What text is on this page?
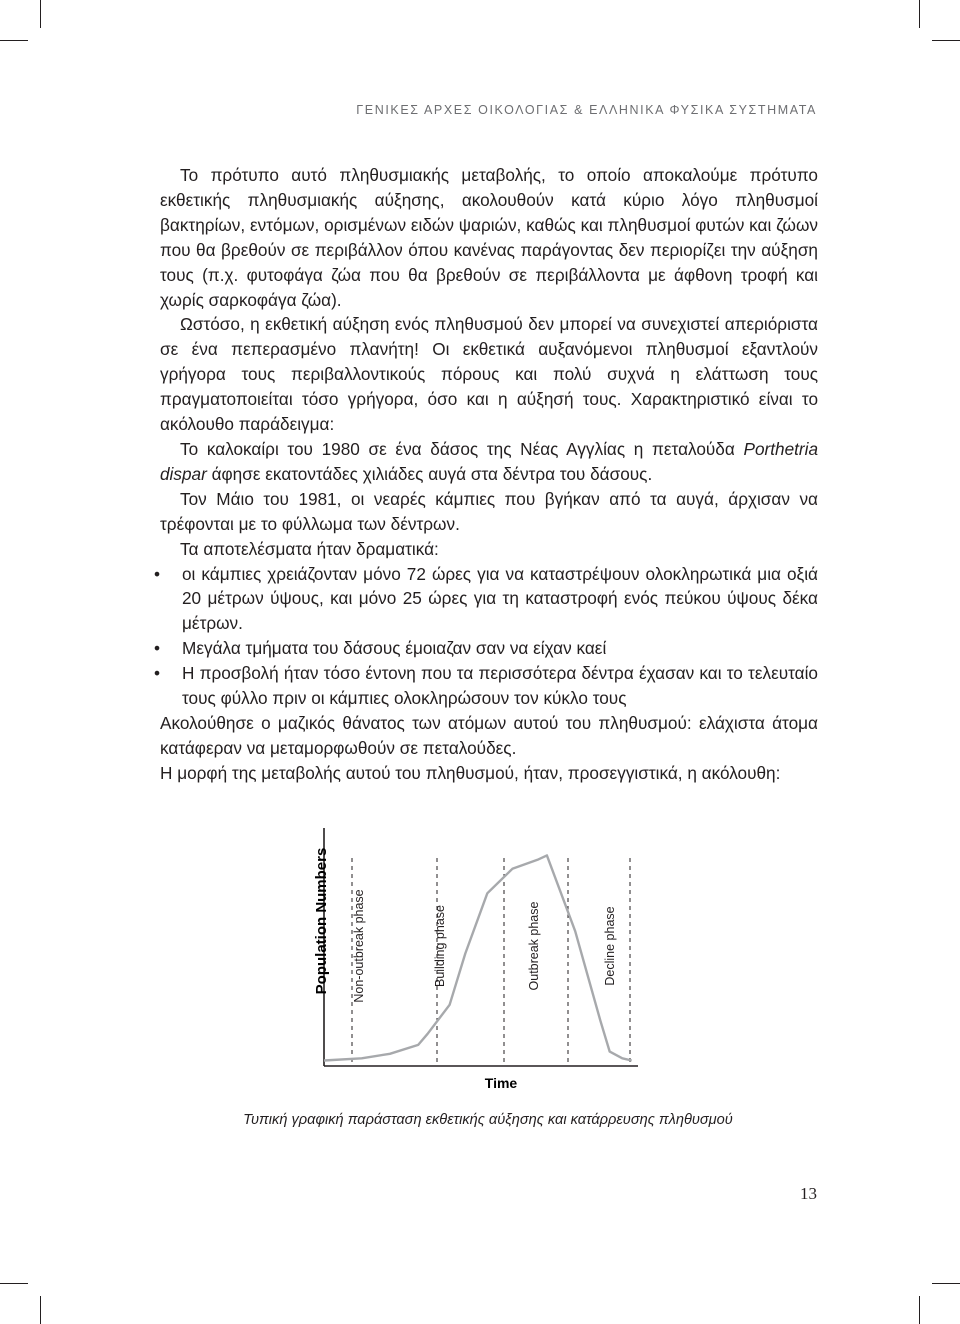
ΓΕΝΙΚΕΣ ΑΡΧΕΣ ΟΙΚΟΛΟΓΙΑΣ & ΕΛΛΗΝΙΚΑ ΦΥΣΙΚΑ ΣΥΣΤΗΜΑΤΑ

Το πρότυπο αυτό πληθυσμιακής μεταβολής, το οποίο αποκαλούμε πρότυπο εκθετικής πληθυσμιακής αύξησης, ακολουθούν κατά κύριο λόγο πληθυσμοί βακτηρίων, εντόμων, ορισμένων ειδών ψαριών, καθώς και πληθυσμοί φυτών και ζώων που θα βρεθούν σε περιβάλλον όπου κανένας παράγοντας δεν περιορίζει την αύξηση τους (π.χ. φυτοφάγα ζώα που θα βρεθούν σε περιβάλλοντα με άφθονη τροφή και χωρίς σαρκοφάγα ζώα).

Ωστόσο, η εκθετική αύξηση ενός πληθυσμού δεν μπορεί να συνεχιστεί απεριόριστα σε ένα πεπερασμένο πλανήτη! Οι εκθετικά αυξανόμενοι πληθυσμοί εξαντλούν γρήγορα τους περιβαλλοντικούς πόρους και πολύ συχνά η ελάττωση τους πραγματοποιείται τόσο γρήγορα, όσο και η αύξησή τους. Χαρακτηριστικό είναι το ακόλουθο παράδειγμα:

Το καλοκαίρι του 1980 σε ένα δάσος της Νέας Αγγλίας η πεταλούδα Porthetria dispar άφησε εκατοντάδες χιλιάδες αυγά στα δέντρα του δάσους.

Τον Μάιο του 1981, οι νεαρές κάμπιες που βγήκαν από τα αυγά, άρχισαν να τρέφονται με το φύλλωμα των δέντρων.

Τα αποτελέσματα ήταν δραματικά:

• οι κάμπιες χρειάζονταν μόνο 72 ώρες για να καταστρέψουν ολοκληρωτικά μια οξιά 20 μέτρων ύψους, και μόνο 25 ώρες για τη καταστροφή ενός πεύκου ύψους δέκα μέτρων.
• Μεγάλα τμήματα του δάσους έμοιαζαν σαν να είχαν καεί
• Η προσβολή ήταν τόσο έντονη που τα περισσότερα δέντρα έχασαν και το τελευταίο τους φύλλο πριν οι κάμπιες ολοκληρώσουν τον κύκλο τους

Ακολούθησε ο μαζικός θάνατος των ατόμων αυτού του πληθυσμού: ελάχιστα άτομα κατάφεραν να μεταμορφωθούν σε πεταλούδες.

Η μορφή της μεταβολής αυτού του πληθυσμού, ήταν, προσεγγιστικά, η ακόλουθη:

Population Numbers
Time
Non-outbreak phase	Building phase	Outbreak phase	Decline phase
Τυπική γραφική παράσταση εκθετικής αύξησης και κατάρρευσης πληθυσμού
13
